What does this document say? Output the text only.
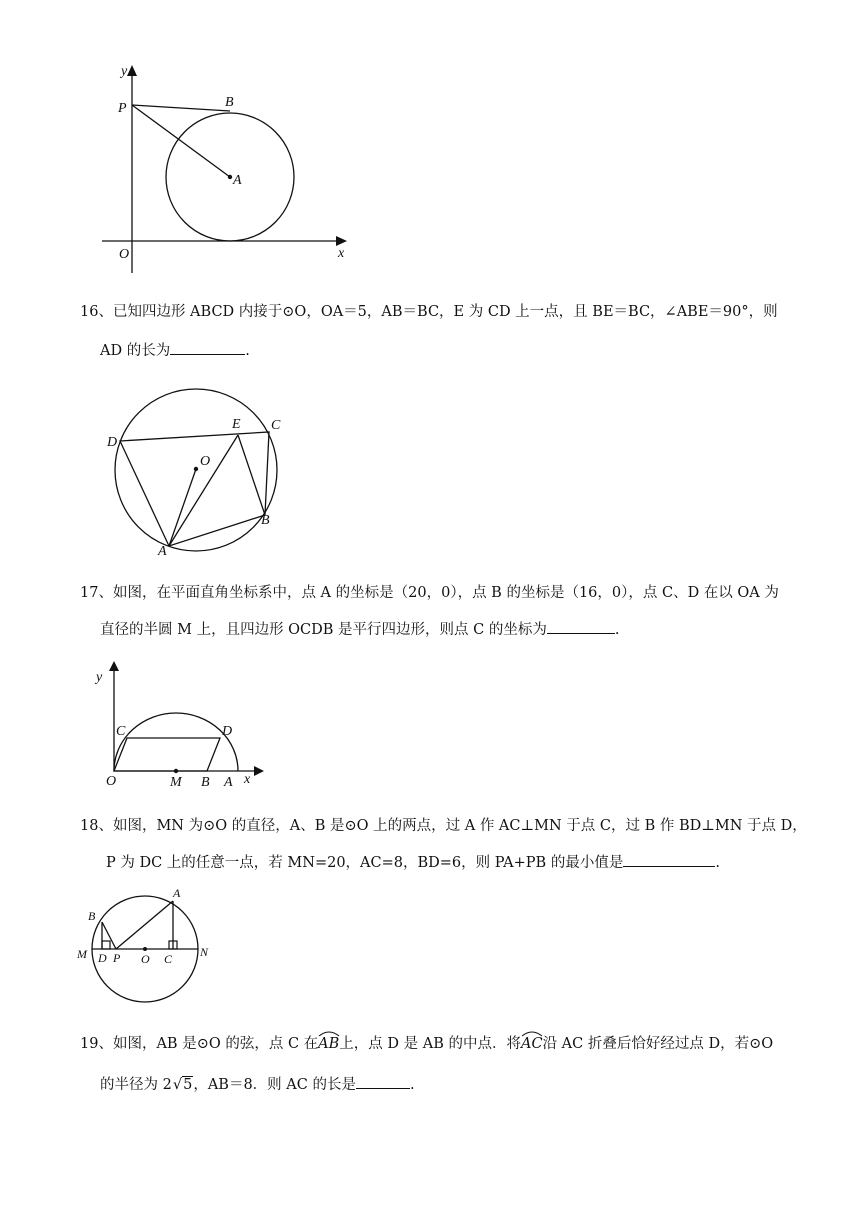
y
x
P	B
A
O
16、已知四边形 ABCD 内接于⊙O，OA＝5，AB＝BC，E 为 CD 上一点，且 BE＝BC，∠ABE＝90°，则
AD 的长为	.
D
E C
O
B
A
17、如图，在平面直角坐标系中，点 A 的坐标是（20，0），点 B 的坐标是（16，0），点 C、D 在以 OA 为
直径的半圆 M 上，且四边形 OCDB 是平行四边形，则点 C 的坐标为	.
y
x
C	D
O	M B A
18、如图，MN 为⊙O 的直径，A、B 是⊙O 上的两点，过 A 作 AC⊥MN 于点 C，过 B 作 BD⊥MN 于点 D，
P 为 DC 上的任意一点，若 MN=20，AC=8，BD=6，则 PA+PB 的最小值是	.
A
B
M D P O C N
19、如图，AB 是⊙O 的弦，点 C 在AB
上，点 D 是 AB 的中点．将AC
沿 AC 折叠后恰好经过点 D，若⊙O
的半径为 2√5，AB＝8．则 AC 的长是	.
